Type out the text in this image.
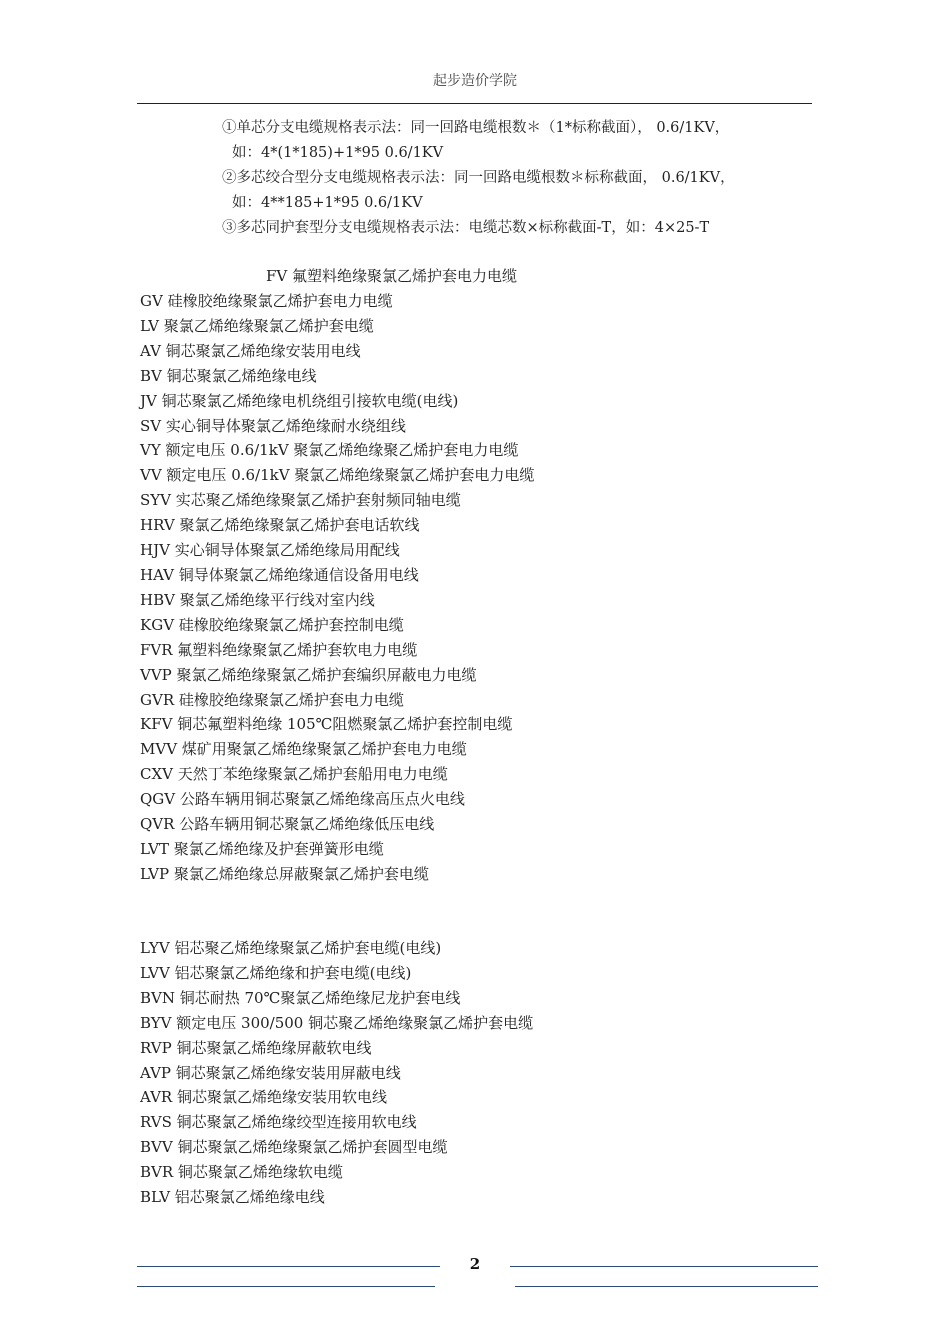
起步造价学院
①单芯分支电缆规格表示法：同一回路电缆根数＊（1*标称截面）， 0.6/1KV，
如：4*(1*185)+1*95 0.6/1KV
②多芯绞合型分支电缆规格表示法：同一回路电缆根数＊标称截面， 0.6/1KV，
如：4**185+1*95 0.6/1KV
③多芯同护套型分支电缆规格表示法：电缆芯数×标称截面-T，如：4×25-T
FV 氟塑料绝缘聚氯乙烯护套电力电缆
GV 硅橡胶绝缘聚氯乙烯护套电力电缆
LV 聚氯乙烯绝缘聚氯乙烯护套电缆
AV 铜芯聚氯乙烯绝缘安装用电线
BV 铜芯聚氯乙烯绝缘电线
JV 铜芯聚氯乙烯绝缘电机绕组引接软电缆(电线)
SV 实心铜导体聚氯乙烯绝缘耐水绕组线
VY 额定电压 0.6/1kV 聚氯乙烯绝缘聚乙烯护套电力电缆
VV 额定电压 0.6/1kV 聚氯乙烯绝缘聚氯乙烯护套电力电缆
SYV 实芯聚乙烯绝缘聚氯乙烯护套射频同轴电缆
HRV 聚氯乙烯绝缘聚氯乙烯护套电话软线
HJV 实心铜导体聚氯乙烯绝缘局用配线
HAV 铜导体聚氯乙烯绝缘通信设备用电线
HBV 聚氯乙烯绝缘平行线对室内线
KGV 硅橡胶绝缘聚氯乙烯护套控制电缆
FVR 氟塑料绝缘聚氯乙烯护套软电力电缆
VVP 聚氯乙烯绝缘聚氯乙烯护套编织屏蔽电力电缆
GVR 硅橡胶绝缘聚氯乙烯护套电力电缆
KFV 铜芯氟塑料绝缘 105℃阻燃聚氯乙烯护套控制电缆
MVV 煤矿用聚氯乙烯绝缘聚氯乙烯护套电力电缆
CXV 天然丁苯绝缘聚氯乙烯护套船用电力电缆
QGV 公路车辆用铜芯聚氯乙烯绝缘高压点火电线
QVR 公路车辆用铜芯聚氯乙烯绝缘低压电线
LVT 聚氯乙烯绝缘及护套弹簧形电缆
LVP 聚氯乙烯绝缘总屏蔽聚氯乙烯护套电缆
LYV 铝芯聚乙烯绝缘聚氯乙烯护套电缆(电线)
LVV 铝芯聚氯乙烯绝缘和护套电缆(电线)
BVN 铜芯耐热 70℃聚氯乙烯绝缘尼龙护套电线
BYV 额定电压 300/500 铜芯聚乙烯绝缘聚氯乙烯护套电缆
RVP 铜芯聚氯乙烯绝缘屏蔽软电线
AVP 铜芯聚氯乙烯绝缘安装用屏蔽电线
AVR 铜芯聚氯乙烯绝缘安装用软电线
RVS 铜芯聚氯乙烯绝缘绞型连接用软电线
BVV 铜芯聚氯乙烯绝缘聚氯乙烯护套圆型电缆
BVR 铜芯聚氯乙烯绝缘软电缆
BLV 铝芯聚氯乙烯绝缘电线
2
